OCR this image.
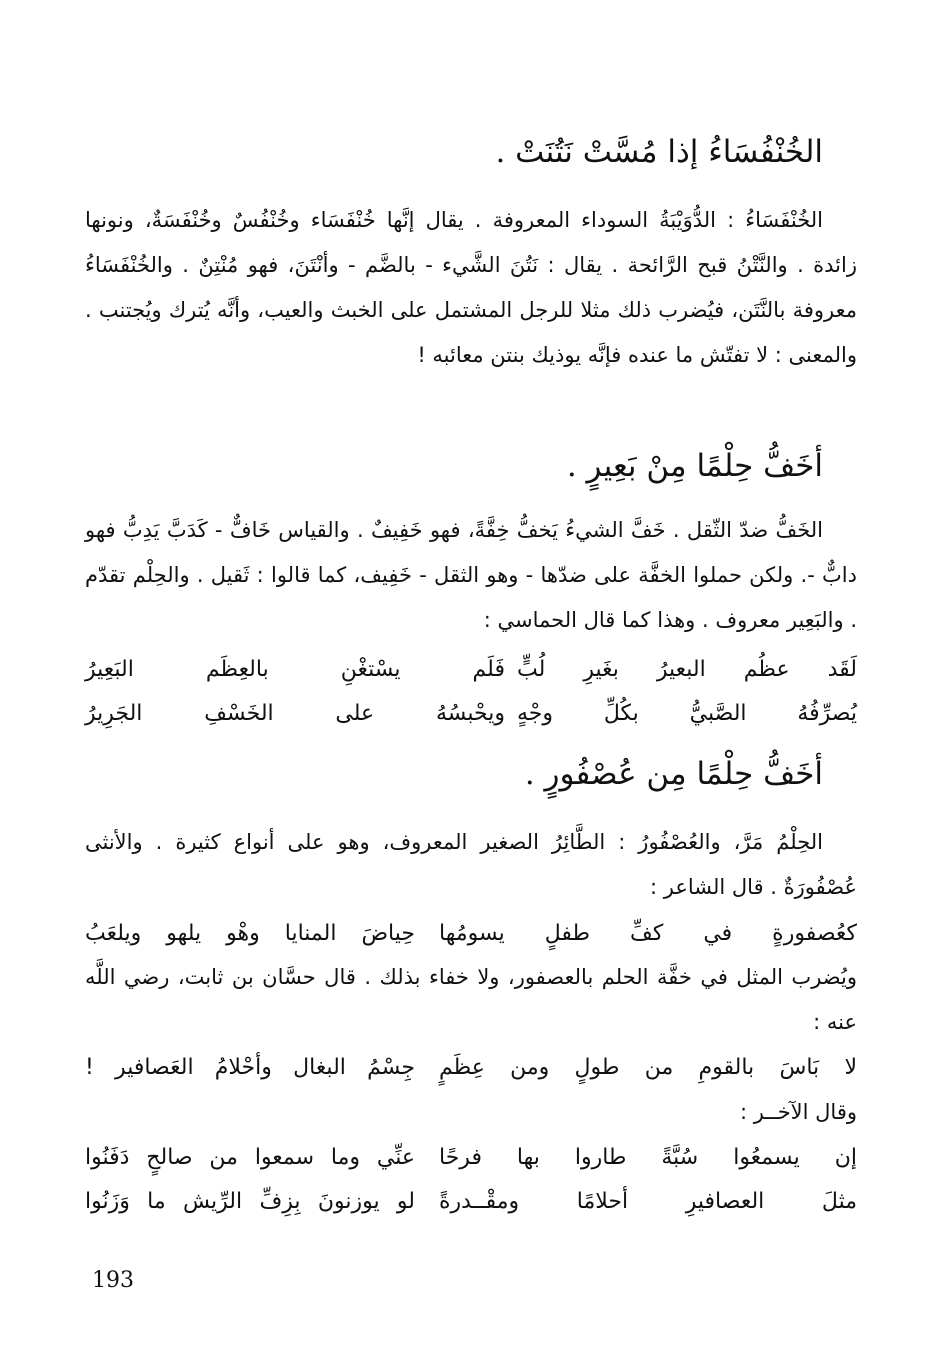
الخُنْفُسَاءُ إذا مُسَّتْ نَتُنَتْ .

الخُنْفَسَاءُ : الدُّوَيْبَةُ السوداء المعروفة . يقال إنَّها خُنْفَسَاء وخُنْفُسٌ وخُنْفَسَةٌ، ونونها زائدة . والنَّتْنُ قبح الرَّائحة . يقال : نَتُنَ الشَّيء - بالضَّم - وأنْتَنَ، فهو مُنْتِنٌ . والخُنْفَسَاءُ معروفة بالنَّتَن، فيُضرب ذلك مثلا للرجل المشتمل على الخبث والعيب، وأنَّه يُترك ويُجتنب . والمعنى : لا تفتّش ما عنده فإنَّه يوذيك بنتن معائبه !

أخَفُّ حِلْمًا مِنْ بَعِيرٍ .

الخَفُّ ضدّ الثّقل . خَفَّ الشيءُ يَخفُّ خِفَّةً، فهو خَفِيفٌ . والقياس خَافٌّ - كَدَبَّ يَدِبُّ فهو دابٌّ -. ولكن حملوا الخفَّة على ضدّها - وهو الثقل - خَفِيف، كما قالوا : ثَقيل . والحِلْم تقدّم . والبَعِير معروف . وهذا كما قال الحماسي :

لَقَد عظُم البعيرُ بغَيرِ لُبٍّ
فَلَم يسْتغْنِ بالعِظَم البَعِيرُ
يُصرِّفُهُ الصَّبيُّ بكُلِّ وجْهٍ
ويحْبسُهُ على الخَسْفِ الجَرِيرُ
أخَفُّ حِلْمًا مِن عُصْفُورٍ .

الحِلْمُ مَرَّ، والعُصْفُورُ : الطَّائِرُ الصغير المعروف، وهو على أنواع كثيرة . والأنثى عُصْفُورَةٌ . قال الشاعر :

كعُصفورةٍ في كفِّ طفلٍ يسومُها
حِياضَ المنايا وهْو يلهو ويلعَبُ

ويُضرب المثل في خفَّة الحلم بالعصفور، ولا خفاء بذلك . قال حسَّان بن ثابت، رضي اللَّه عنه :

لا بَاسَ بالقومِ من طولٍ ومن عِظَمٍ
جِسْمُ البغال وأحْلامُ العَصافير !

وقال الآخــر :

إن يسمعُوا سُبَّةً طاروا بها فرحًا
عنِّي وما سمعوا من صالحٍ دَفَنُوا
مثلَ العصافيرِ أحلامًا ومقْــدرةً
لو يوزنونَ بِزِفِّ الرِّيش ما وَزَنُوا
193
